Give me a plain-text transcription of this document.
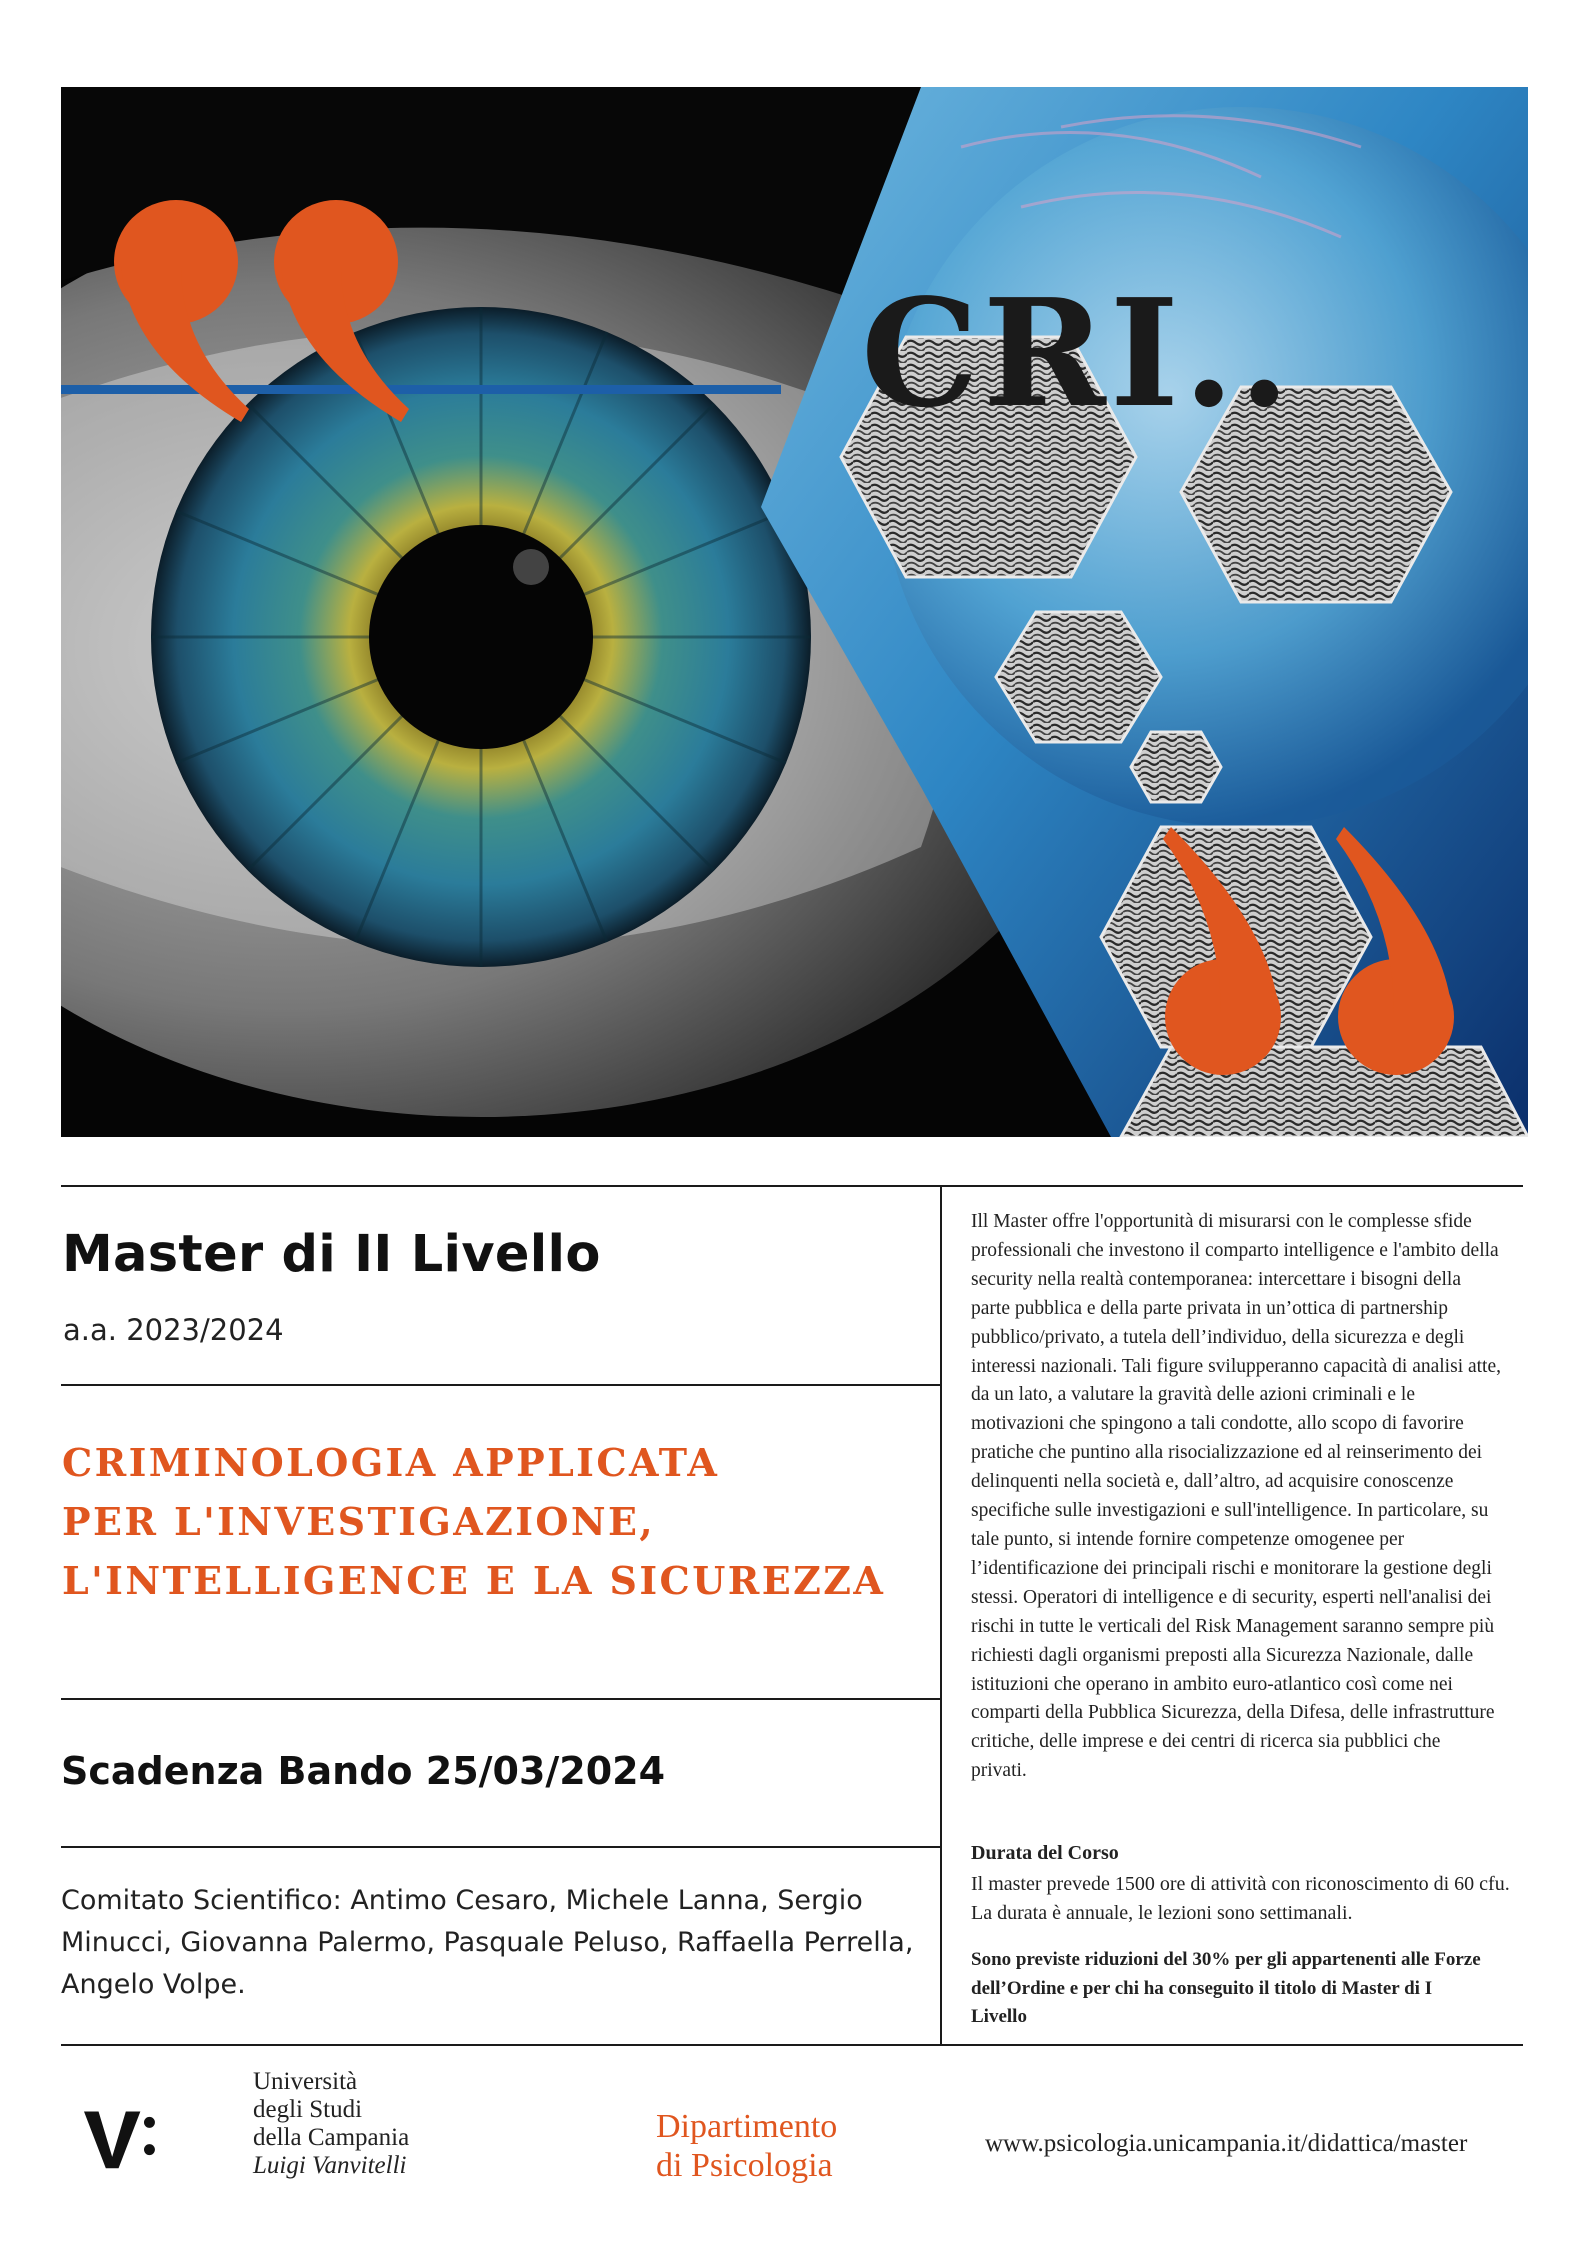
CRI..
Master di II Livello
a.a. 2023/2024
CRIMINOLOGIA APPLICATA
PER L'INVESTIGAZIONE,
L'INTELLIGENCE E LA SICUREZZA
Scadenza Bando 25/03/2024

Comitato Scientifico: Antimo Cesaro, Michele Lanna, Sergio Minucci, Giovanna Palermo, Pasquale Peluso, Raffaella Perrella, Angelo Volpe.

Ill Master offre l'opportunità di misurarsi con le complesse sfide professionali che investono il comparto intelligence e l'ambito della security nella realtà contemporanea: intercettare i bisogni della parte pubblica e della parte privata in un’ottica di partnership pubblico/privato, a tutela dell’individuo, della sicurezza e degli interessi nazionali. Tali figure svilupperanno capacità di analisi atte, da un lato, a valutare la gravità delle azioni criminali e le motivazioni che spingono a tali condotte, allo scopo di favorire pratiche che puntino alla risocializzazione ed al reinserimento dei delinquenti nella società e, dall’altro, ad acquisire conoscenze specifiche sulle investigazioni e sull'intelligence. In particolare, su tale punto, si intende fornire competenze omogenee per l’identificazione dei principali rischi e monitorare la gestione degli stessi. Operatori di intelligence e di security, esperti nell'analisi dei rischi in tutte le verticali del Risk Management saranno sempre più richiesti dagli organismi preposti alla Sicurezza Nazionale, dalle istituzioni che operano in ambito euro-atlantico così come nei comparti della Pubblica Sicurezza, della Difesa, delle infrastrutture critiche, delle imprese e dei centri di ricerca sia pubblici che privati.

Durata del Corso

Il master prevede 1500 ore di attività con riconoscimento di 60 cfu. La durata è annuale, le lezioni sono settimanali.

Sono previste riduzioni del 30% per gli appartenenti alle Forze dell’Ordine e per chi ha conseguito il titolo di Master di I Livello

Università
degli Studi
della Campania
Luigi Vanvitelli
Dipartimento
di Psicologia
www.psicologia.unicampania.it/didattica/master
